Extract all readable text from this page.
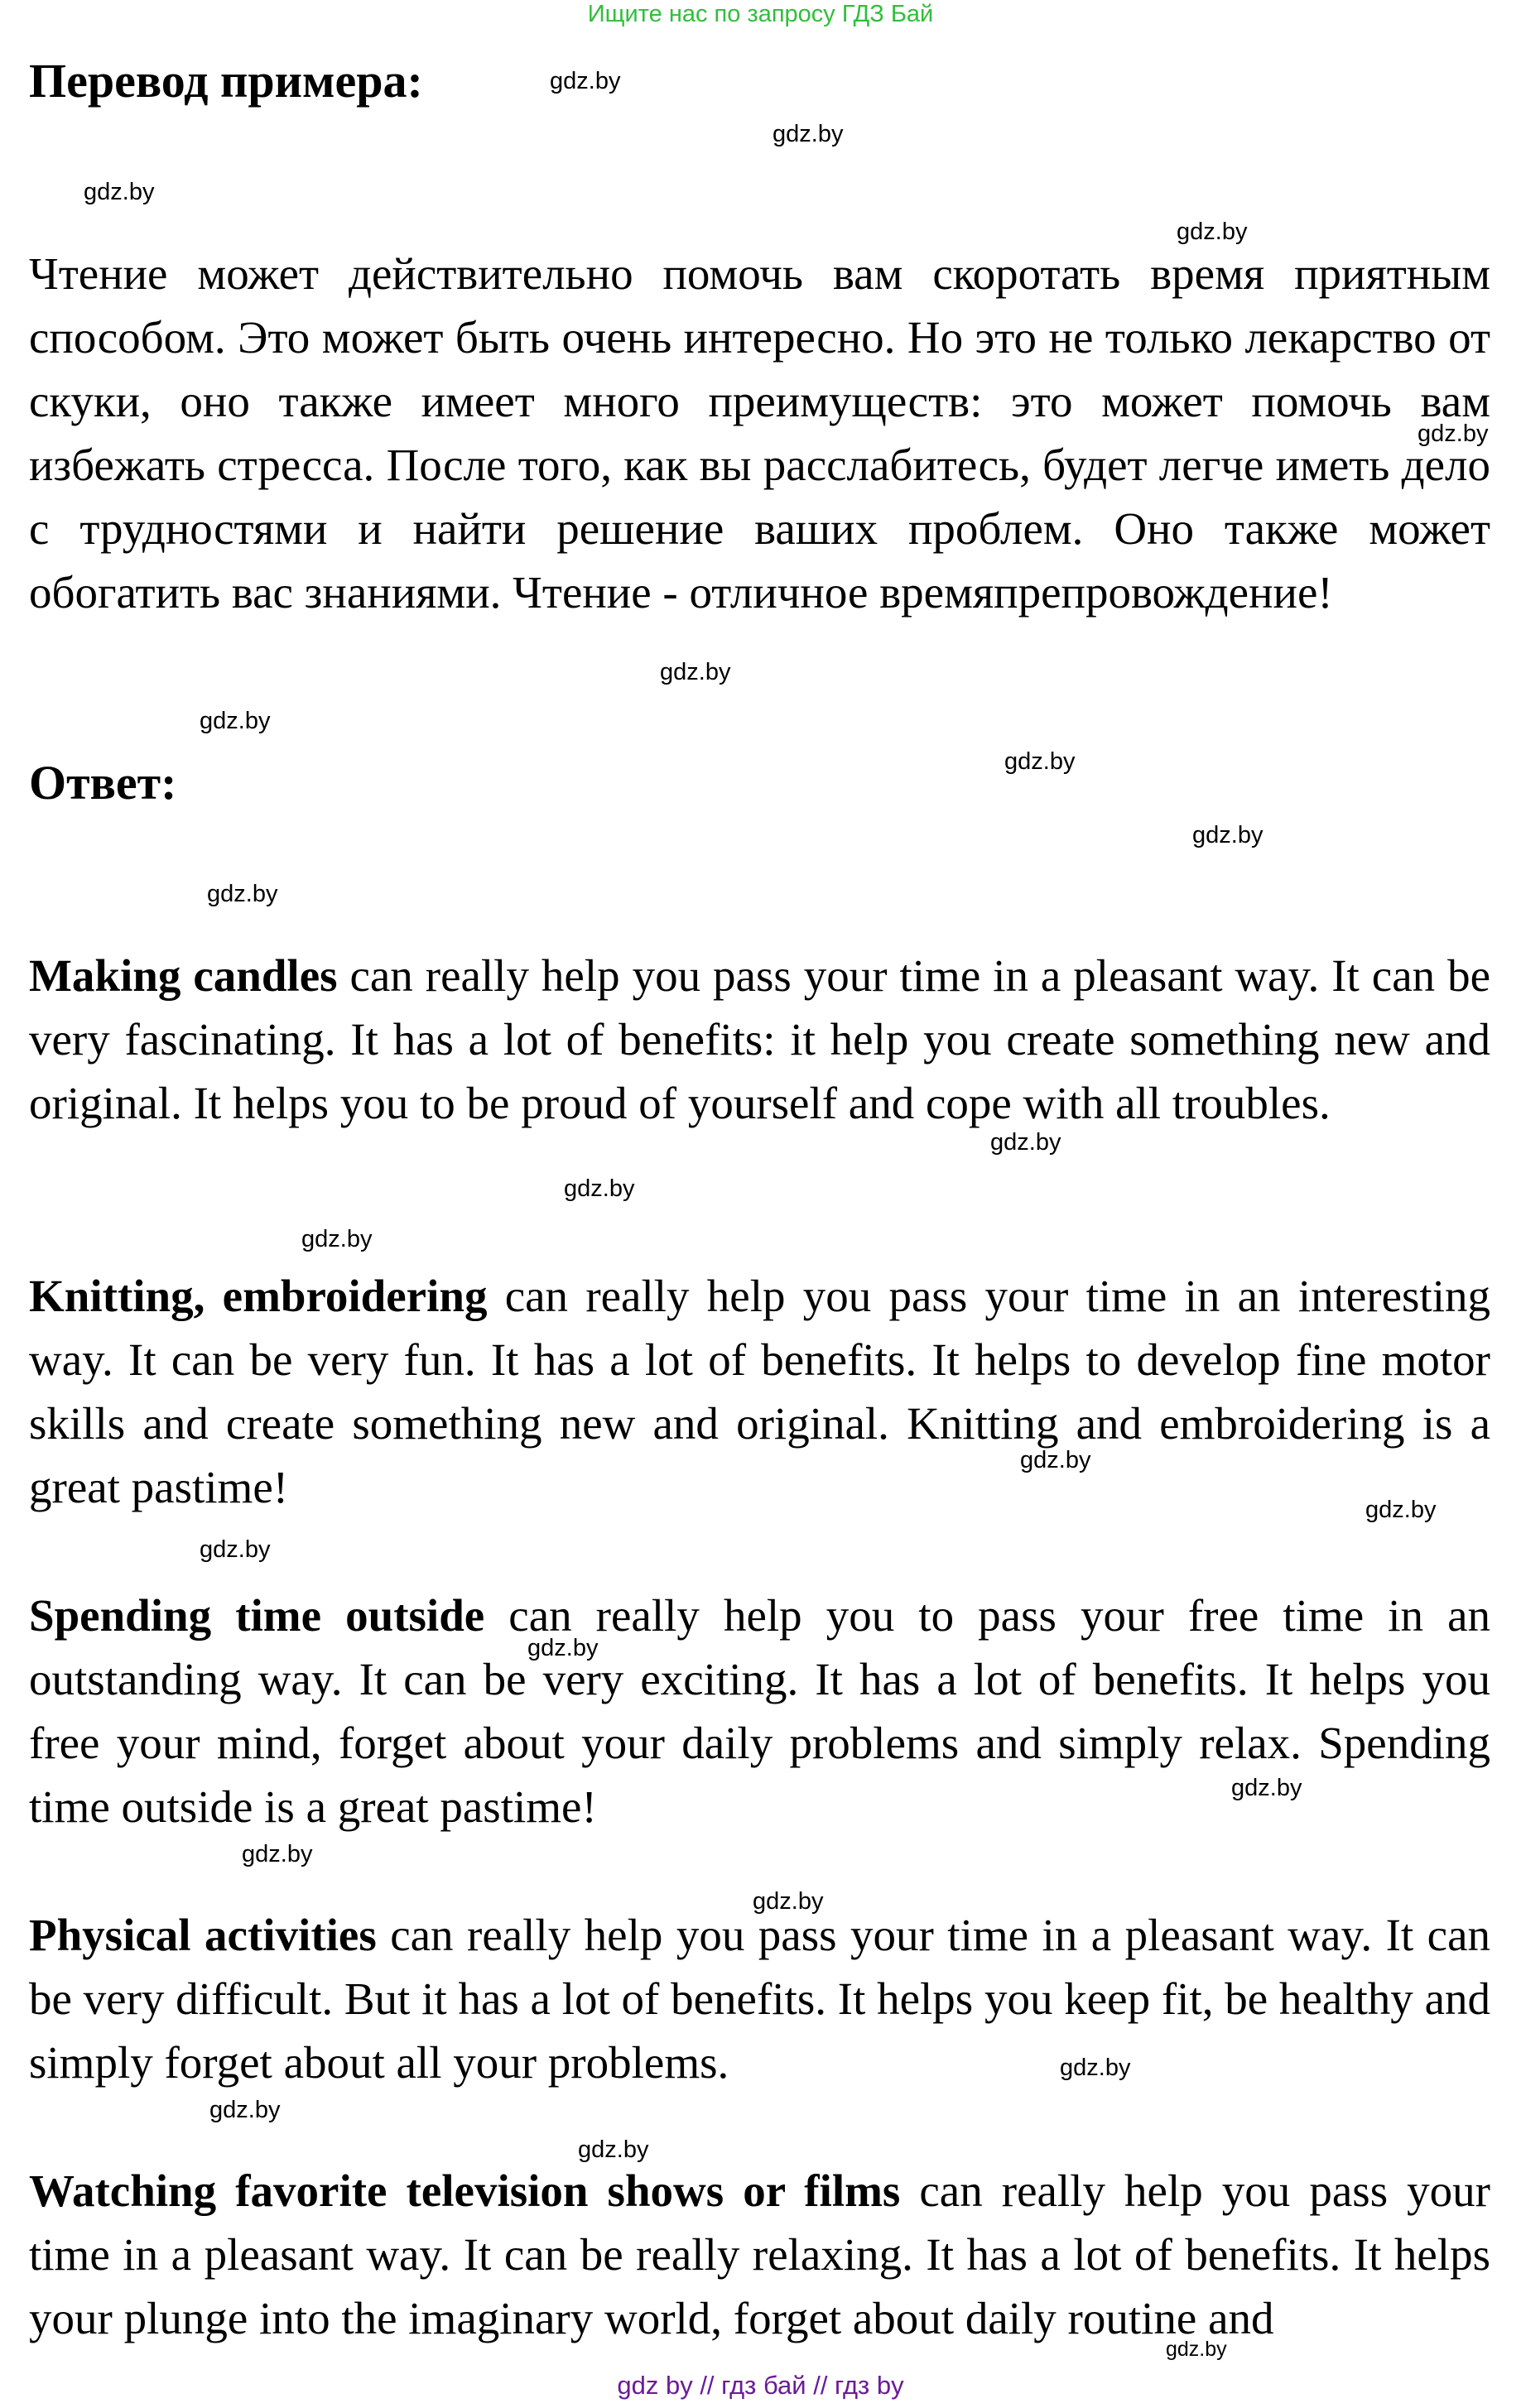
Ищите нас по запросу ГДЗ Бай
Перевод примера:

Чтение может действительно помочь вам скоротать время приятным способом. Это может быть очень интересно. Но это не только лекарство от скуки, оно также имеет много преимуществ: это может помочь вам избежать стресса. После того, как вы расслабитесь, будет легче иметь дело с трудностями и найти решение ваших проблем. Оно также может обогатить вас знаниями. Чтение - отличное времяпрепровождение!

Ответ:

Making candles can really help you pass your time in a pleasant way. It can be very fascinating. It has a lot of benefits: it help you create something new and original. It helps you to be proud of yourself and cope with all troubles.

Knitting, embroidering can really help you pass your time in an interesting way. It can be very fun. It has a lot of benefits. It helps to develop fine motor skills and create something new and original. Knitting and embroidering is a great pastime!

Spending time outside can really help you to pass your free time in an outstanding way. It can be very exciting. It has a lot of benefits. It helps you free your mind, forget about your daily problems and simply relax. Spending time outside is a great pastime!

Physical activities can really help you pass your time in a pleasant way. It can be very difficult. But it has a lot of benefits. It helps you keep fit, be healthy and simply forget about all your problems.

Watching favorite television shows or films can really help you pass your time in a pleasant way. It can be really relaxing. It has a lot of benefits. It helps your plunge into the imaginary world, forget about daily routine and

gdz.by
gdz.by
gdz.by
gdz.by
gdz.by
gdz.by
gdz.by
gdz.by
gdz.by
gdz.by
gdz.by
gdz.by
gdz.by
gdz.by
gdz.by
gdz.by
gdz.by
gdz.by
gdz.by
gdz.by
gdz.by
gdz.by
gdz.by
gdz.by
gdz by // гдз бай // гдз by
